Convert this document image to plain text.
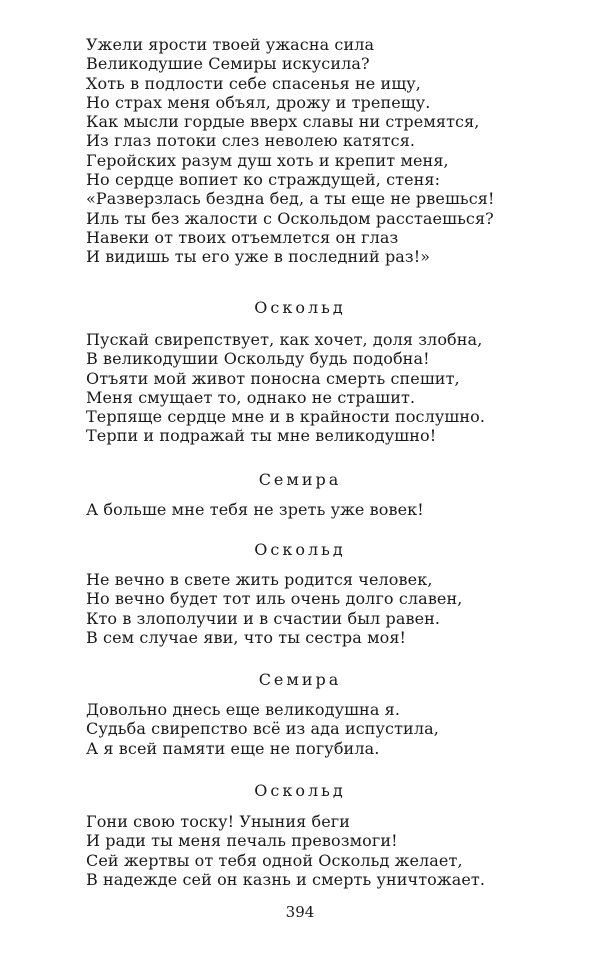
394
Ужели ярости твоей ужасна сила
Великодушие Семиры искусила?
Хоть в подлости себе спасенья не ищу,
Но страх меня объял, дрожу и трепещу.
Как мысли гордые вверх славы ни стремятся,
Из глаз потоки слез неволею катятся.
Геройских разум душ хоть и крепит меня,
Но сердце вопиет ко страждущей, стеня:
«Разверзлась бездна бед, а ты еще не рвешься!
Иль ты без жалости с Оскольдом расстаешься?
Навеки от твоих отъемлется он глаз
И видишь ты его уже в последний раз!»
Оскольд
Пускай свирепствует, как хочет, доля злобна,
В великодушии Оскольду будь подобна!
Отъяти мой живот поносна смерть спешит,
Меня смущает то, однако не страшит.
Терпяще сердце мне и в крайности послушно.
Терпи и подражай ты мне великодушно!
Семира
А больше мне тебя не зреть уже вовек!
Оскольд
Не вечно в свете жить родится человек,
Но вечно будет тот иль очень долго славен,
Кто в злополучии и в счастии был равен.
В сем случае яви, что ты сестра моя!
Семира
Довольно днесь еще великодушна я.
Судьба свирепство всё из ада испустила,
А я всей памяти еще не погубила.
Оскольд
Гони свою тоску! Уныния беги
И ради ты меня печаль превозмоги!
Сей жертвы от тебя одной Оскольд желает,
В надежде сей он казнь и смерть уничтожает.
